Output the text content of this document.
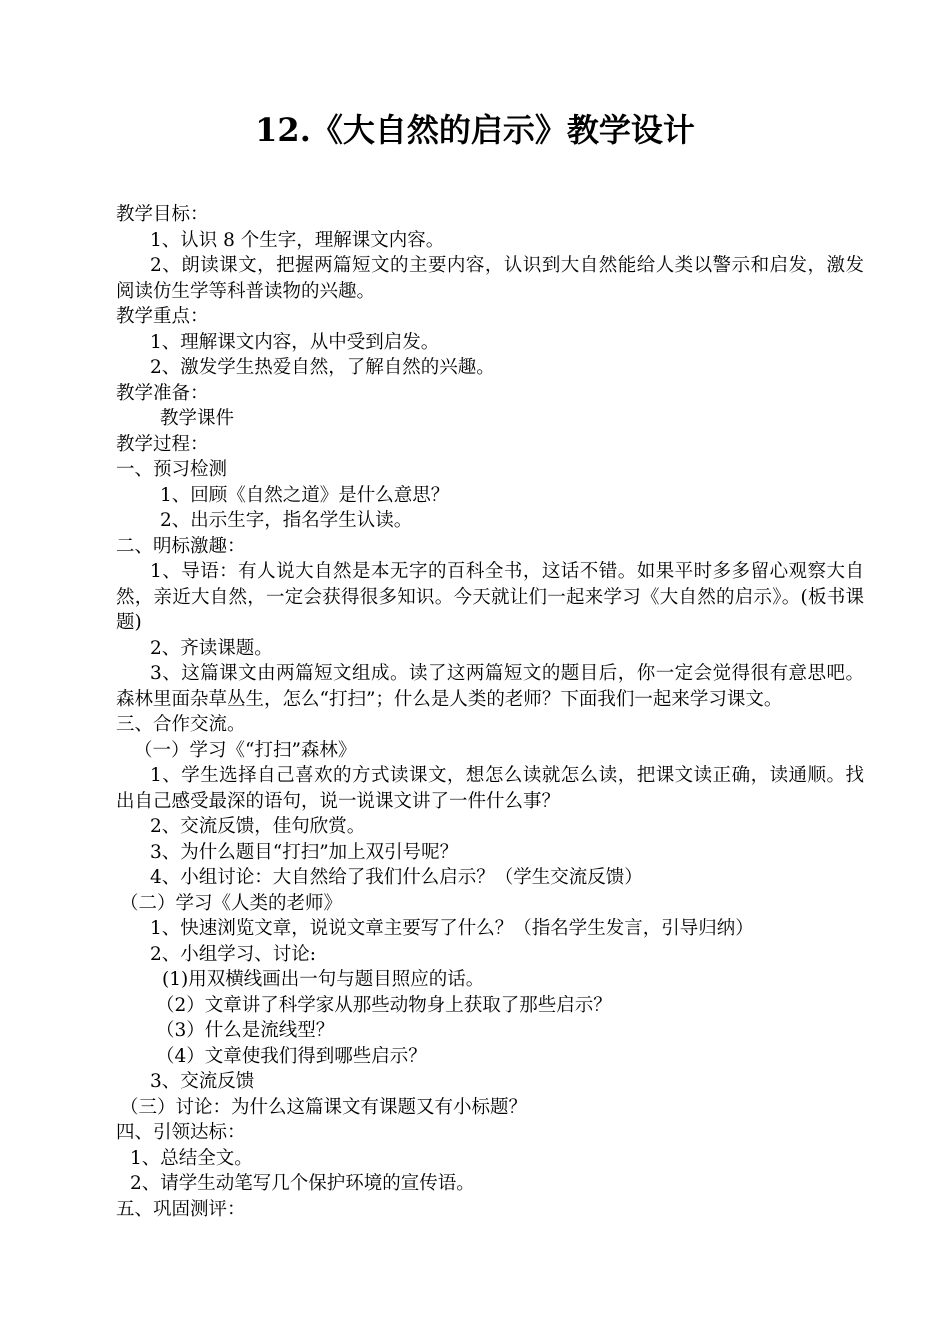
12.《大自然的启示》教学设计
教学目标：
1、认识 8 个生字，理解课文内容。
2、朗读课文，把握两篇短文的主要内容，认识到大自然能给人类以警示和启发，激发阅读仿生学等科普读物的兴趣。
教学重点：
1、理解课文内容，从中受到启发。
2、激发学生热爱自然，了解自然的兴趣。
教学准备：
教学课件
教学过程：
一、预习检测
1、回顾《自然之道》是什么意思？
2、出示生字，指名学生认读。
二、明标激趣：
1、导语：有人说大自然是本无字的百科全书，这话不错。如果平时多多留心观察大自然，亲近大自然，一定会获得很多知识。今天就让们一起来学习《大自然的启示》。(板书课题)
2、齐读课题。
3、这篇课文由两篇短文组成。读了这两篇短文的题目后，你一定会觉得很有意思吧。森林里面杂草丛生，怎么“打扫”；什么是人类的老师？下面我们一起来学习课文。
三、合作交流。
（一）学习《“打扫”森林》
1、学生选择自己喜欢的方式读课文，想怎么读就怎么读，把课文读正确，读通顺。找出自己感受最深的语句，说一说课文讲了一件什么事？
2、交流反馈，佳句欣赏。
3、为什么题目“打扫”加上双引号呢？
4、小组讨论：大自然给了我们什么启示？（学生交流反馈）
（二）学习《人类的老师》
1、快速浏览文章，说说文章主要写了什么？（指名学生发言，引导归纳）
2、小组学习、讨论:
(1)用双横线画出一句与题目照应的话。
（2）文章讲了科学家从那些动物身上获取了那些启示？
（3）什么是流线型？
（4）文章使我们得到哪些启示？
3、交流反馈
（三）讨论：为什么这篇课文有课题又有小标题？
四、引领达标：
1、总结全文。
2、请学生动笔写几个保护环境的宣传语。
五、巩固测评：
